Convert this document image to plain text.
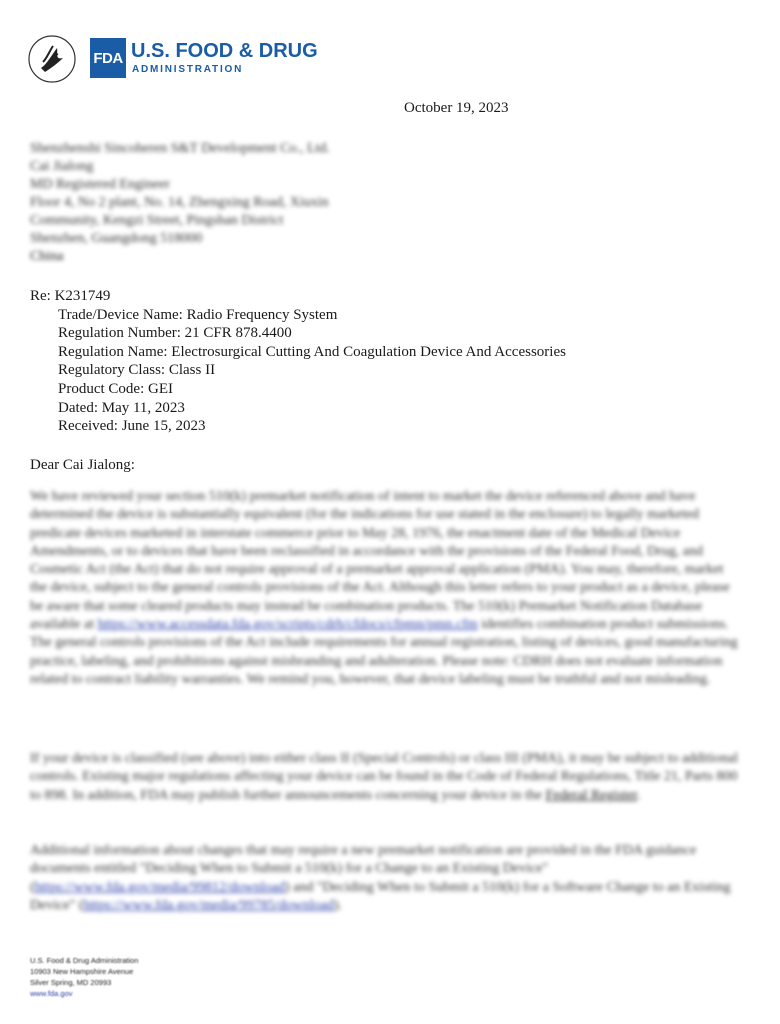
FDA U.S. FOOD & DRUG
ADMINISTRATION
October 19, 2023
Shenzhenshi Sincoheren S&T Development Co., Ltd.
Cai Jialong
MD Registered Engineer
Floor 4, No 2 plant, No. 14, Zhengxing Road, Xiuxin
Community, Kengzi Street, Pingshan District
Shenzhen, Guangdong 518000
China
Re: K231749
Trade/Device Name: Radio Frequency System
Regulation Number: 21 CFR 878.4400
Regulation Name: Electrosurgical Cutting And Coagulation Device And Accessories
Regulatory Class: Class II
Product Code: GEI
Dated: May 11, 2023
Received: June 15, 2023
Dear Cai Jialong:
We have reviewed your section 510(k) premarket notification of intent to market the device referenced above and have determined the device is substantially equivalent (for the indications for use stated in the enclosure) to legally marketed predicate devices marketed in interstate commerce prior to May 28, 1976, the enactment date of the Medical Device Amendments, or to devices that have been reclassified in accordance with the provisions of the Federal Food, Drug, and Cosmetic Act (the Act) that do not require approval of a premarket approval application (PMA). You may, therefore, market the device, subject to the general controls provisions of the Act. Although this letter refers to your product as a device, please be aware that some cleared products may instead be combination products. The 510(k) Premarket Notification Database available at https://www.accessdata.fda.gov/scripts/cdrh/cfdocs/cfpmn/pmn.cfm identifies combination product submissions. The general controls provisions of the Act include requirements for annual registration, listing of devices, good manufacturing practice, labeling, and prohibitions against misbranding and adulteration. Please note: CDRH does not evaluate information related to contract liability warranties. We remind you, however, that device labeling must be truthful and not misleading.
If your device is classified (see above) into either class II (Special Controls) or class III (PMA), it may be subject to additional controls. Existing major regulations affecting your device can be found in the Code of Federal Regulations, Title 21, Parts 800 to 898. In addition, FDA may publish further announcements concerning your device in the Federal Register.
Additional information about changes that may require a new premarket notification are provided in the FDA guidance documents entitled "Deciding When to Submit a 510(k) for a Change to an Existing Device" (https://www.fda.gov/media/99812/download) and "Deciding When to Submit a 510(k) for a Software Change to an Existing Device" (https://www.fda.gov/media/99785/download).
U.S. Food & Drug Administration
10903 New Hampshire Avenue
Silver Spring, MD 20993
www.fda.gov
